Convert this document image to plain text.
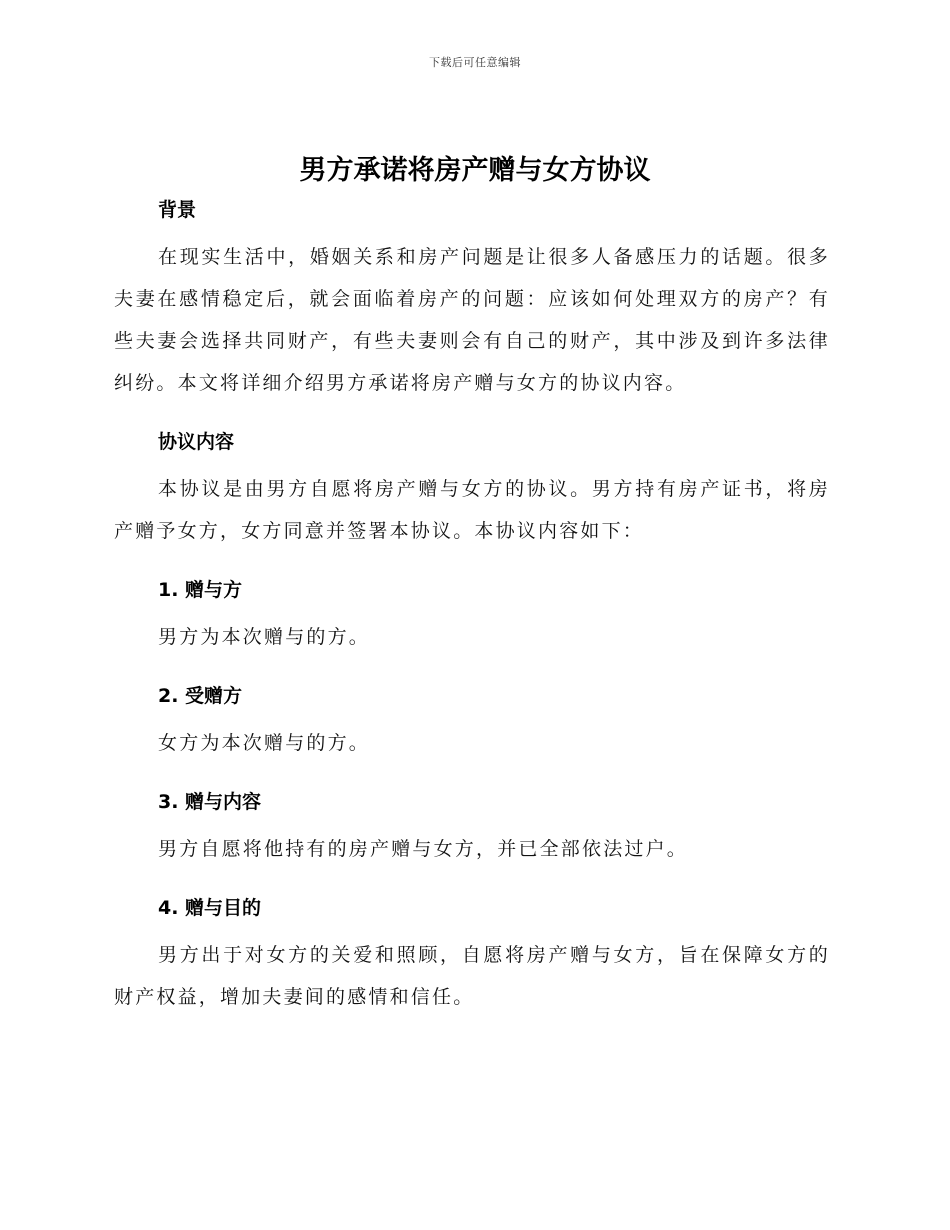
下载后可任意编辑
男方承诺将房产赠与女方协议
背景

在现实生活中，婚姻关系和房产问题是让很多人备感压力的话题。很多夫妻在感情稳定后，就会面临着房产的问题：应该如何处理双方的房产？有些夫妻会选择共同财产，有些夫妻则会有自己的财产，其中涉及到许多法律纠纷。本文将详细介绍男方承诺将房产赠与女方的协议内容。

协议内容

本协议是由男方自愿将房产赠与女方的协议。男方持有房产证书，将房产赠予女方，女方同意并签署本协议。本协议内容如下：

1. 赠与方

男方为本次赠与的方。

2. 受赠方

女方为本次赠与的方。

3. 赠与内容

男方自愿将他持有的房产赠与女方，并已全部依法过户。

4. 赠与目的

男方出于对女方的关爱和照顾，自愿将房产赠与女方，旨在保障女方的财产权益，增加夫妻间的感情和信任。
